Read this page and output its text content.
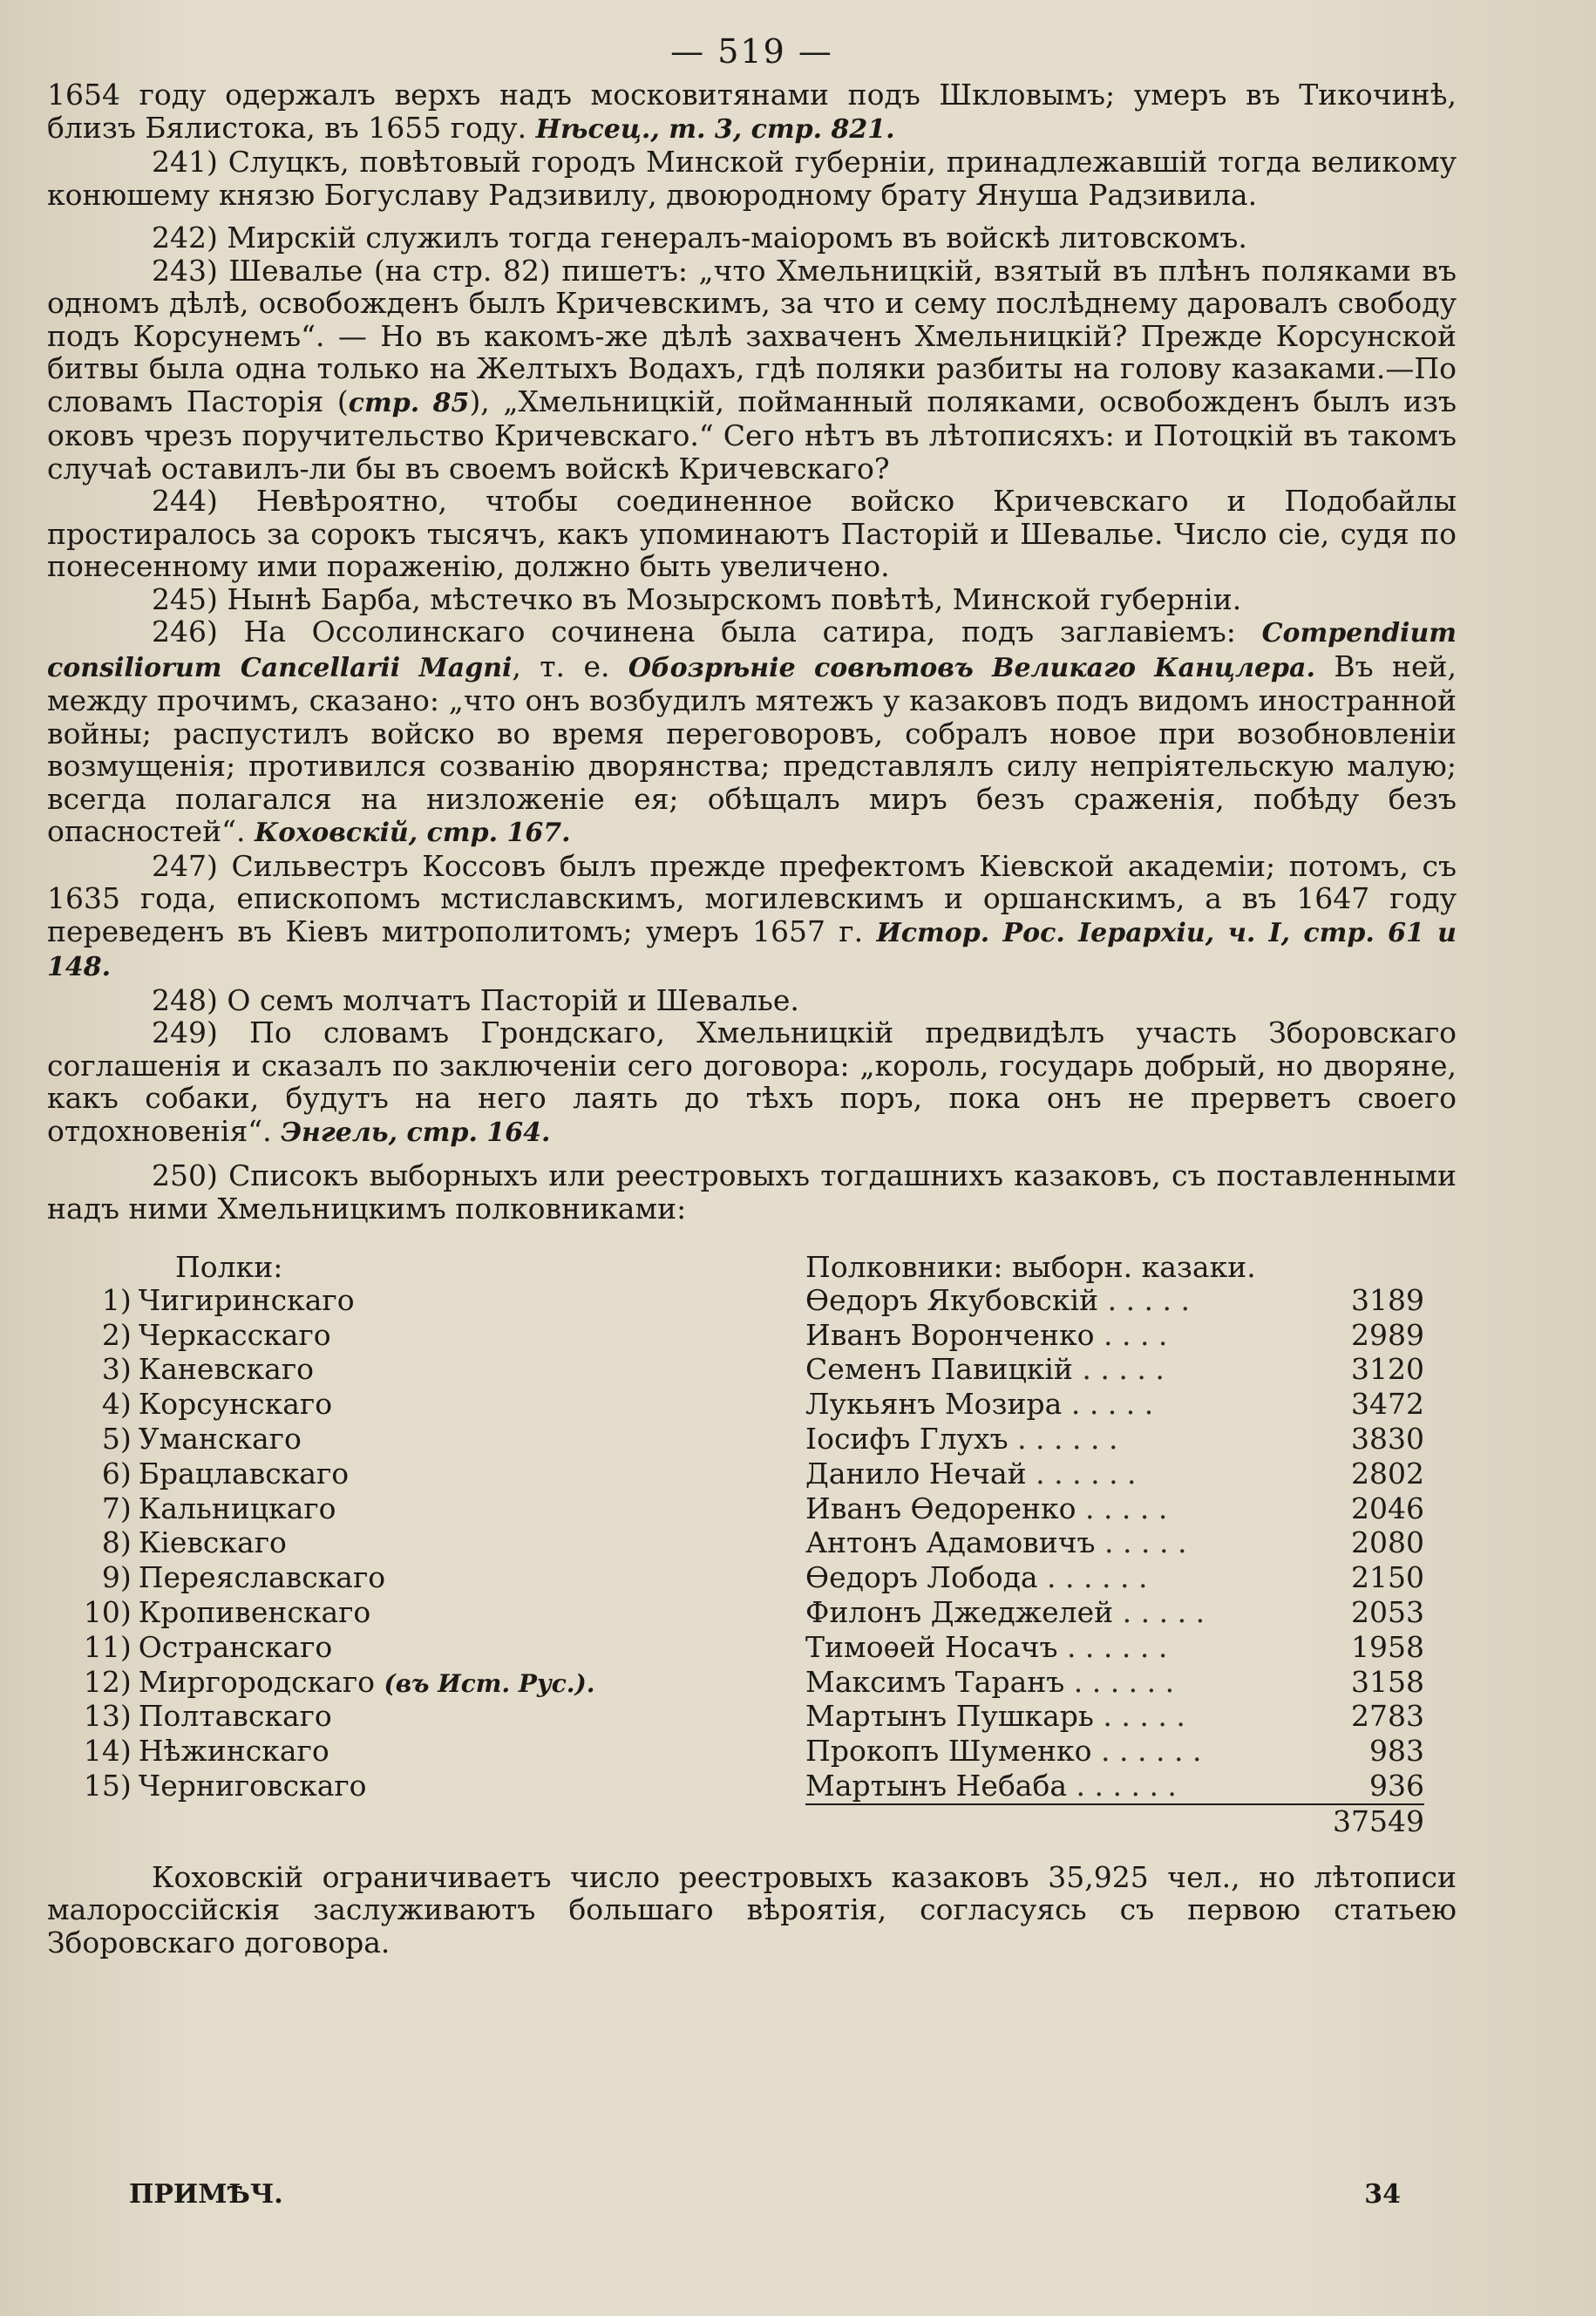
— 519 —

1654 году одержалъ верхъ надъ московитянами подъ Шкловымъ; умеръ въ Тикочинѣ, близъ Бялистока, въ 1655 году. Нѣсец., т. 3, стр. 821.

241) Слуцкъ, повѣтовый городъ Минской губерніи, принадлежавшій тогда великому конюшему князю Богуславу Радзивилу, двоюродному брату Януша Радзивила.

242) Мирскій служилъ тогда генералъ-маіоромъ въ войскѣ литовскомъ.

243) Шевалье (на стр. 82) пишетъ: „что Хмельницкій, взятый въ плѣнъ поляками въ одномъ дѣлѣ, освобожденъ былъ Кричевскимъ, за что и сему послѣднему даровалъ свободу подъ Корсунемъ“. — Но въ какомъ-же дѣлѣ захваченъ Хмельницкій? Прежде Корсунской битвы была одна только на Желтыхъ Водахъ, гдѣ поляки разбиты на голову казаками.—По словамъ Пасторія (стр. 85), „Хмельницкій, пойманный поляками, освобожденъ былъ изъ оковъ чрезъ поручительство Кричевскаго.“ Сего нѣтъ въ лѣтописяхъ: и Потоцкій въ такомъ случаѣ оставилъ-ли бы въ своемъ войскѣ Кричевскаго?

244) Невѣроятно, чтобы соединенное войско Кричевскаго и Подобайлы простиралось за сорокъ тысячъ, какъ упоминаютъ Пасторій и Шевалье. Число сіе, судя по понесенному ими пораженію, должно быть увеличено.

245) Нынѣ Барба, мѣстечко въ Мозырскомъ повѣтѣ, Минской губерніи.

246) На Оссолинскаго сочинена была сатира, подъ заглавіемъ: Compendium consiliorum Cancellarii Magni, т. е. Обозрѣніе совѣтовъ Великаго Канцлера. Въ ней, между прочимъ, сказано: „что онъ возбудилъ мятежъ у казаковъ подъ видомъ иностранной войны; распустилъ войско во время переговоровъ, собралъ новое при возобновленіи возмущенія; противился созванію дворянства; представлялъ силу непріятельскую малую; всегда полагался на низложеніе ея; обѣщалъ миръ безъ сраженія, побѣду безъ опасностей“. Коховскій, стр. 167.

247) Сильвестръ Коссовъ былъ прежде префектомъ Кіевской академіи; потомъ, съ 1635 года, епископомъ мстиславскимъ, могилевскимъ и оршанскимъ, а въ 1647 году переведенъ въ Кіевъ митрополитомъ; умеръ 1657 г. Истор. Рос. Іерархіи, ч. I, стр. 61 и 148.

248) О семъ молчатъ Пасторій и Шевалье.

249) По словамъ Грондскаго, Хмельницкій предвидѣлъ участь Зборовскаго соглашенія и сказалъ по заключеніи сего договора: „король, государь добрый, но дворяне, какъ собаки, будутъ на него лаять до тѣхъ поръ, пока онъ не прерветъ своего отдохновенія“. Энгель, стр. 164.

250) Списокъ выборныхъ или реестровыхъ тогдашнихъ казаковъ, съ поставленными надъ ними Хмельницкимъ полковниками:

Полки:		Полковники: выборн. казаки.	
1)	Чигиринскаго	Ѳедоръ Якубовскій . . . . .	3189
2)	Черкасскаго	Иванъ Воронченко . . . .	2989
3)	Каневскаго	Семенъ Павицкій . . . . .	3120
4)	Корсунскаго	Лукьянъ Мозира . . . . .	3472
5)	Уманскаго	Іосифъ Глухъ . . . . . .	3830
6)	Брацлавскаго	Данило Нечай . . . . . .	2802
7)	Кальницкаго	Иванъ Ѳедоренко . . . . .	2046
8)	Кіевскаго	Антонъ Адамовичъ . . . . .	2080
9)	Переяславскаго	Ѳедоръ Лобода . . . . . .	2150
10)	Кропивенскаго	Филонъ Джеджелей . . . . .	2053
11)	Остранскаго	Тимоѳей Носачъ . . . . . .	1958
12)	Миргородскаго (въ Ист. Рус.).	Максимъ Таранъ . . . . . .	3158
13)	Полтавскаго	Мартынъ Пушкарь . . . . .	2783
14)	Нѣжинскаго	Прокопъ Шуменко . . . . . .	983
15)	Черниговскаго	Мартынъ Небаба . . . . . .	936
			37549

Коховскій ограничиваетъ число реестровыхъ казаковъ 35,925 чел., но лѣтописи малороссійскія заслуживаютъ большаго вѣроятія, согласуясь съ первою статьею Зборовскаго договора.

ПРИМѢЧ.	34
